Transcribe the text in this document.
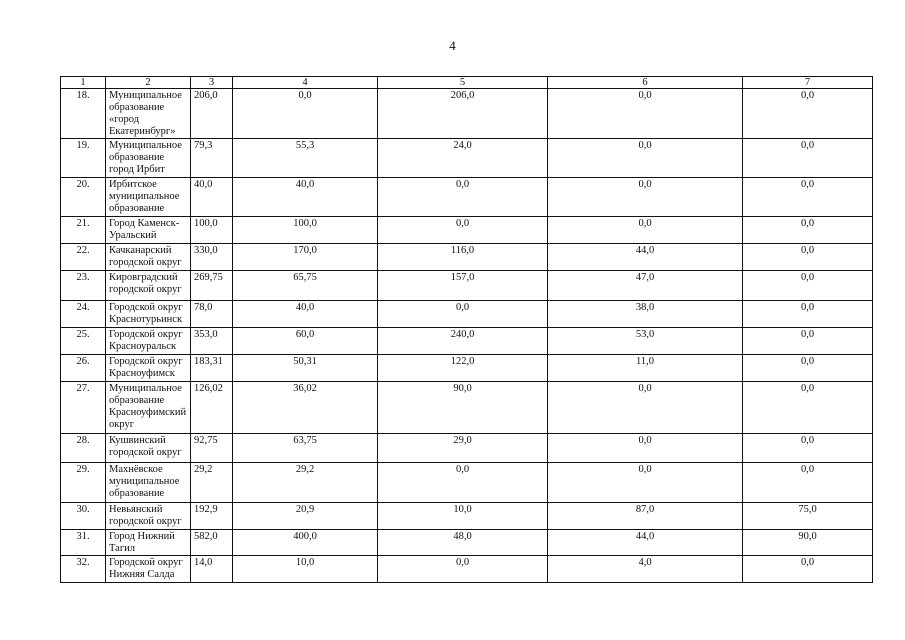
4
1	2	3	4	5	6	7
18.	Муниципальное образование «город Екатеринбург»	206,0	0,0	206,0	0,0	0,0
19.	Муниципальное образование город Ирбит	79,3	55,3	24,0	0,0	0,0
20.	Ирбитское муниципальное образование	40,0	40,0	0,0	0,0	0,0
21.	Город Каменск-Уральский	100,0	100,0	0,0	0,0	0,0
22.	Качканарский городской округ	330,0	170,0	116,0	44,0	0,0
23.	Кировградский городской округ	269,75	65,75	157,0	47,0	0,0
24.	Городской округ Краснотурьинск	78,0	40,0	0,0	38,0	0,0
25.	Городской округ Красноуральск	353,0	60,0	240,0	53,0	0,0
26.	Городской округ Красноуфимск	183,31	50,31	122,0	11,0	0,0
27.	Муниципальное образование Красноуфимский округ	126,02	36,02	90,0	0,0	0,0
28.	Кушвинский городской округ	92,75	63,75	29,0	0,0	0,0
29.	Махнёвское муниципальное образование	29,2	29,2	0,0	0,0	0,0
30.	Невьянский городской округ	192,9	20,9	10,0	87,0	75,0
31.	Город Нижний Тагил	582,0	400,0	48,0	44,0	90,0
32.	Городской округ Нижняя Салда	14,0	10,0	0,0	4,0	0,0
